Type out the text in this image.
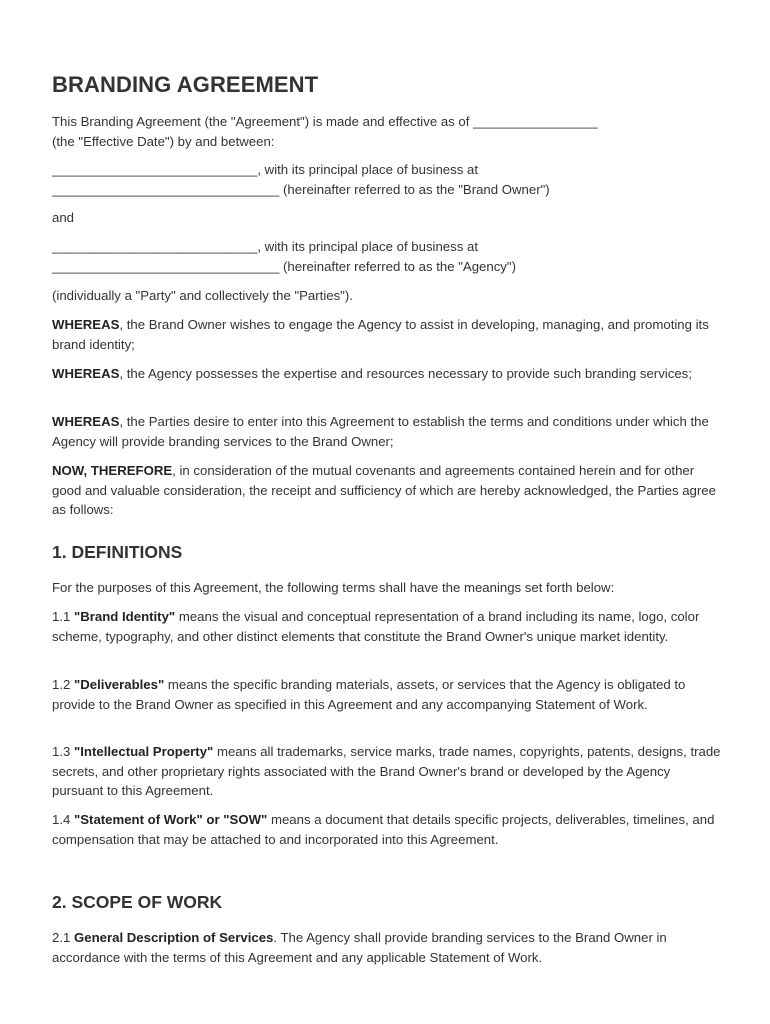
BRANDING AGREEMENT
This Branding Agreement (the "Agreement") is made and effective as of _________________
(the "Effective Date") by and between:
____________________________, with its principal place of business at
_______________________________ (hereinafter referred to as the "Brand Owner")
and
____________________________, with its principal place of business at
_______________________________ (hereinafter referred to as the "Agency")
(individually a "Party" and collectively the "Parties").
WHEREAS, the Brand Owner wishes to engage the Agency to assist in developing, managing, and promoting its brand identity;
WHEREAS, the Agency possesses the expertise and resources necessary to provide such branding services;
WHEREAS, the Parties desire to enter into this Agreement to establish the terms and conditions under which the Agency will provide branding services to the Brand Owner;
NOW, THEREFORE, in consideration of the mutual covenants and agreements contained herein and for other good and valuable consideration, the receipt and sufficiency of which are hereby acknowledged, the Parties agree as follows:
1. DEFINITIONS
For the purposes of this Agreement, the following terms shall have the meanings set forth below:
1.1 "Brand Identity" means the visual and conceptual representation of a brand including its name, logo, color scheme, typography, and other distinct elements that constitute the Brand Owner's unique market identity.
1.2 "Deliverables" means the specific branding materials, assets, or services that the Agency is obligated to provide to the Brand Owner as specified in this Agreement and any accompanying Statement of Work.
1.3 "Intellectual Property" means all trademarks, service marks, trade names, copyrights, patents, designs, trade secrets, and other proprietary rights associated with the Brand Owner's brand or developed by the Agency pursuant to this Agreement.
1.4 "Statement of Work" or "SOW" means a document that details specific projects, deliverables, timelines, and compensation that may be attached to and incorporated into this Agreement.
2. SCOPE OF WORK
2.1 General Description of Services. The Agency shall provide branding services to the Brand Owner in accordance with the terms of this Agreement and any applicable Statement of Work.
